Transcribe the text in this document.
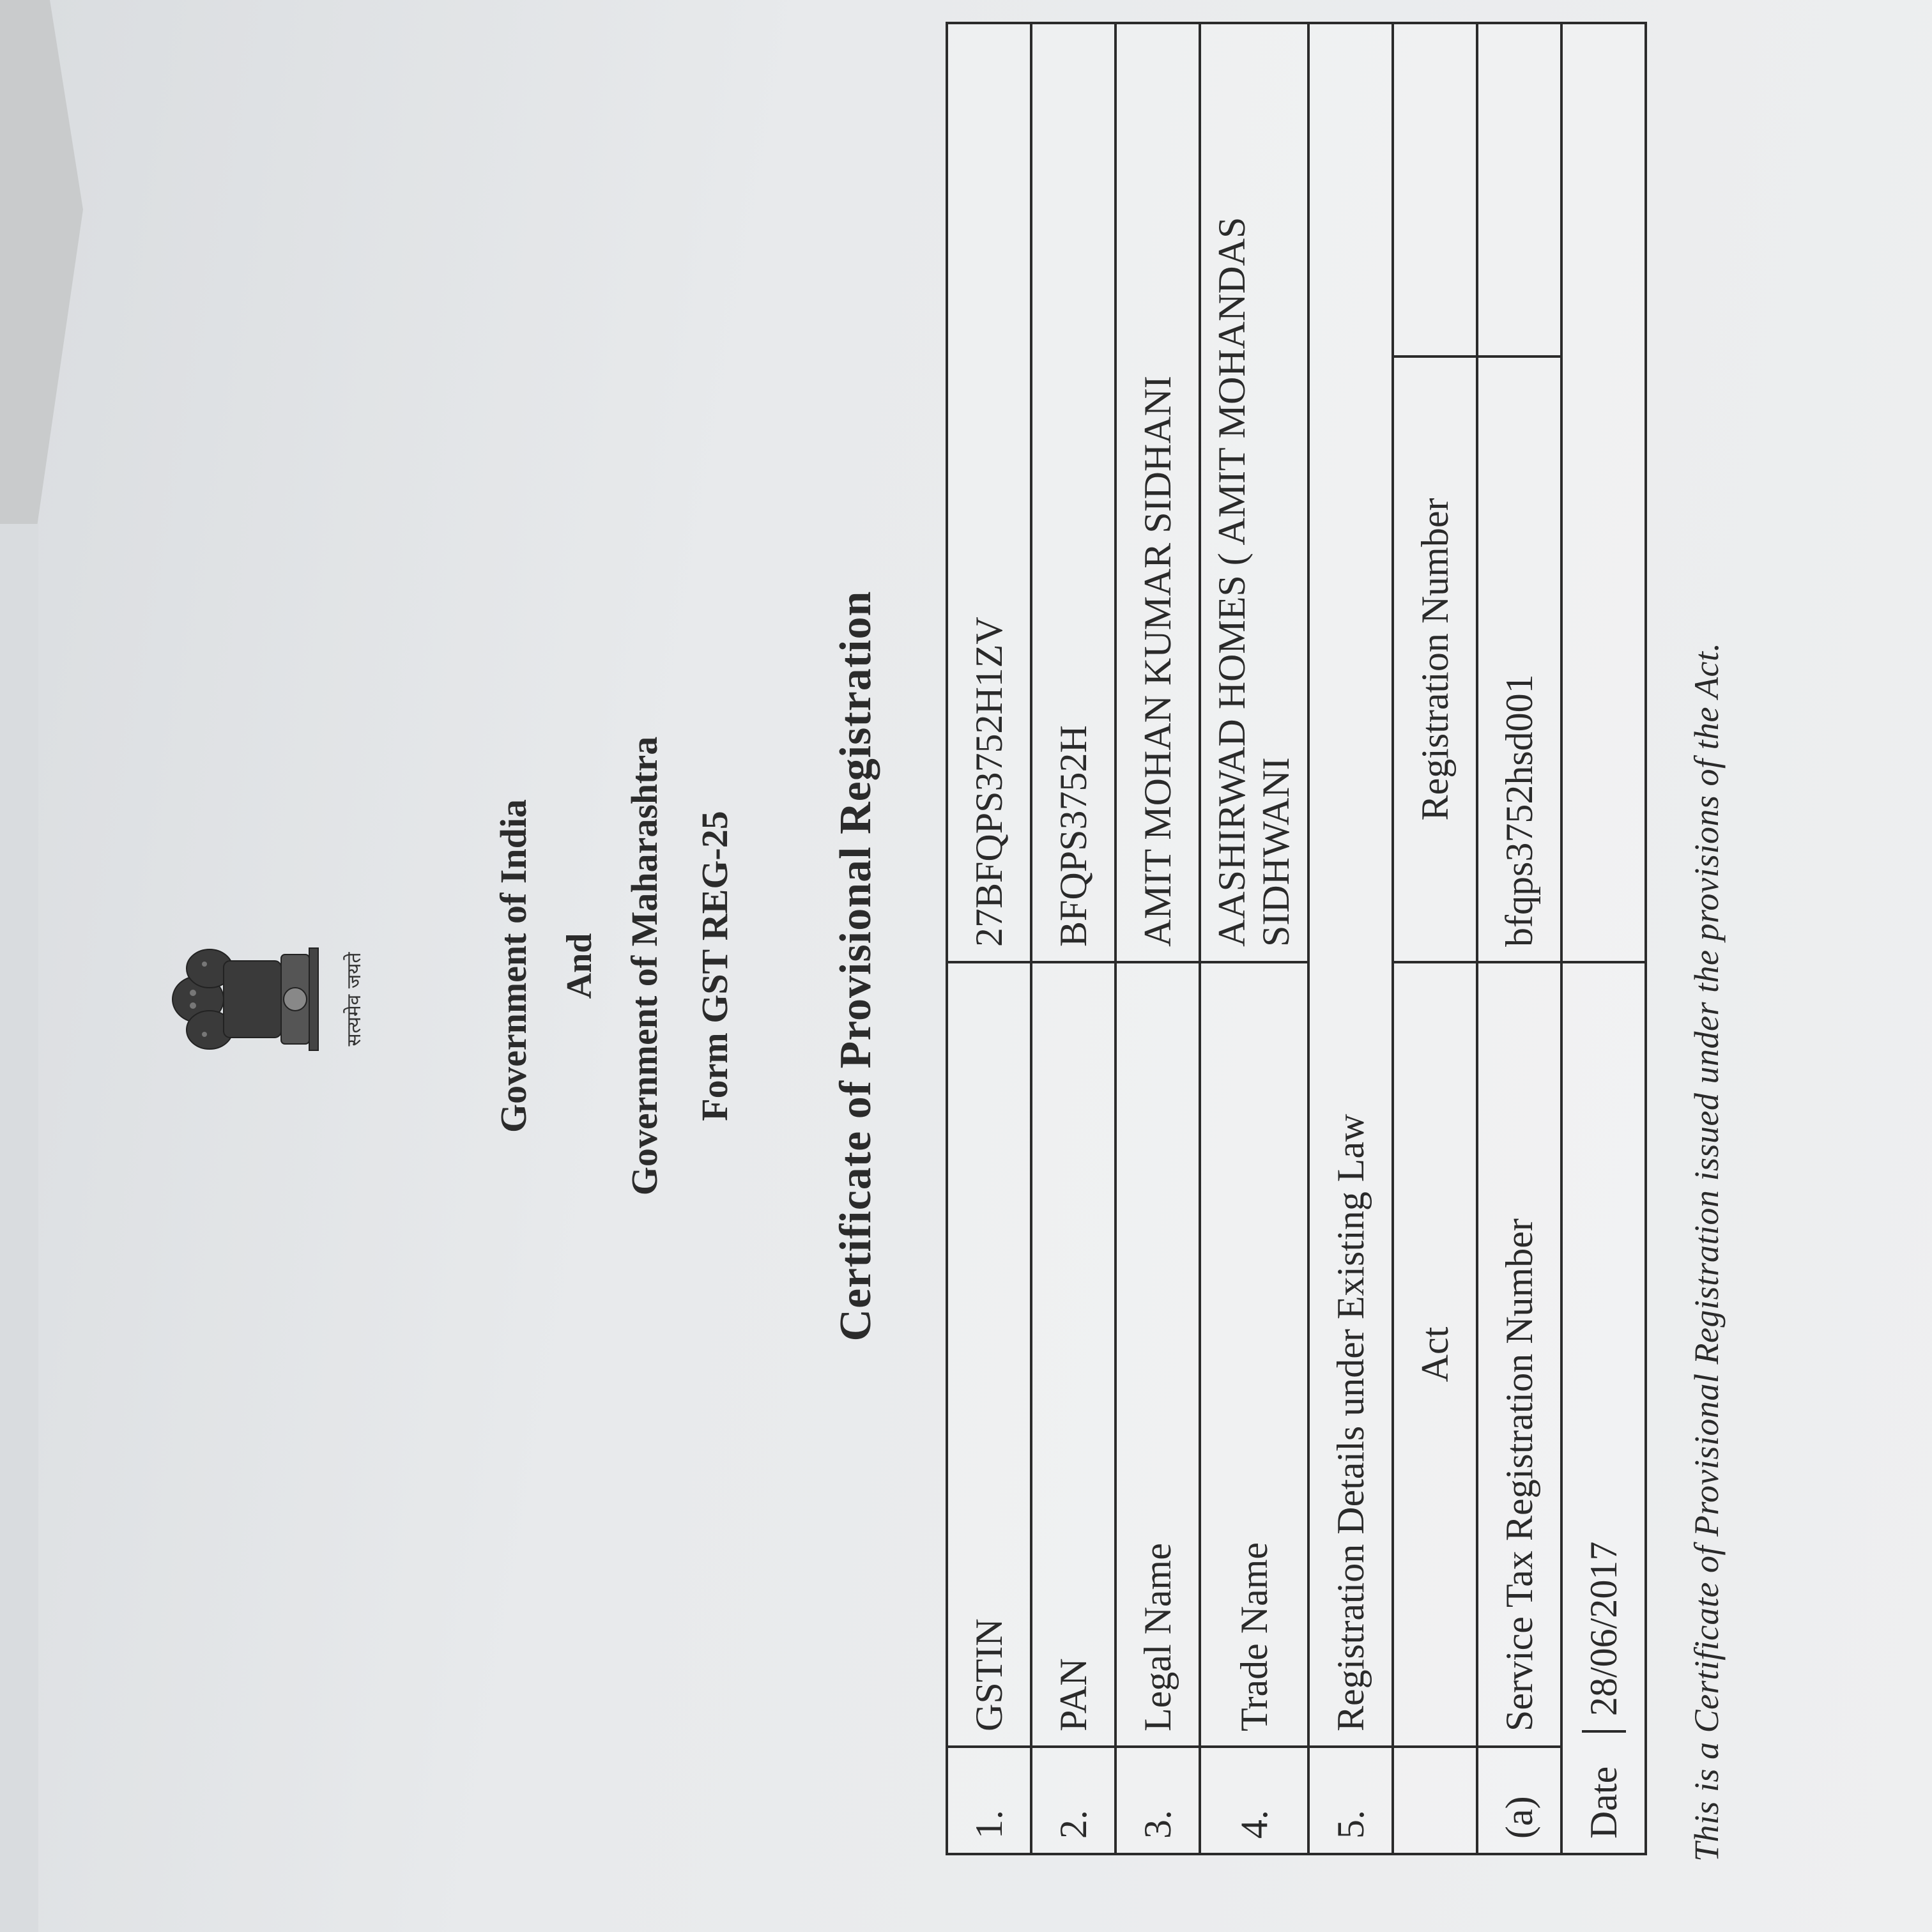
सत्यमेव जयते	Government of India And Government of Maharashtra Form GST REG-25 Certificate of Provisional Registration
1.	GSTIN	27BFQPS3752H1ZV	
2.	PAN	BFQPS3752H	
3.	Legal Name	AMIT MOHAN KUMAR SIDHANI	
4.	Trade Name	AASHIRWAD HOMES ( AMIT MOHANDAS SIDHWANI	
5.	Registration Details under Existing Law		
	Act	Registration Number	
(a)	Service Tax Registration Number	bfqps3752hsd001	
Date	28/06/2017		This is a Certificate of Provisional Registration issued under the provisions of the Act.
